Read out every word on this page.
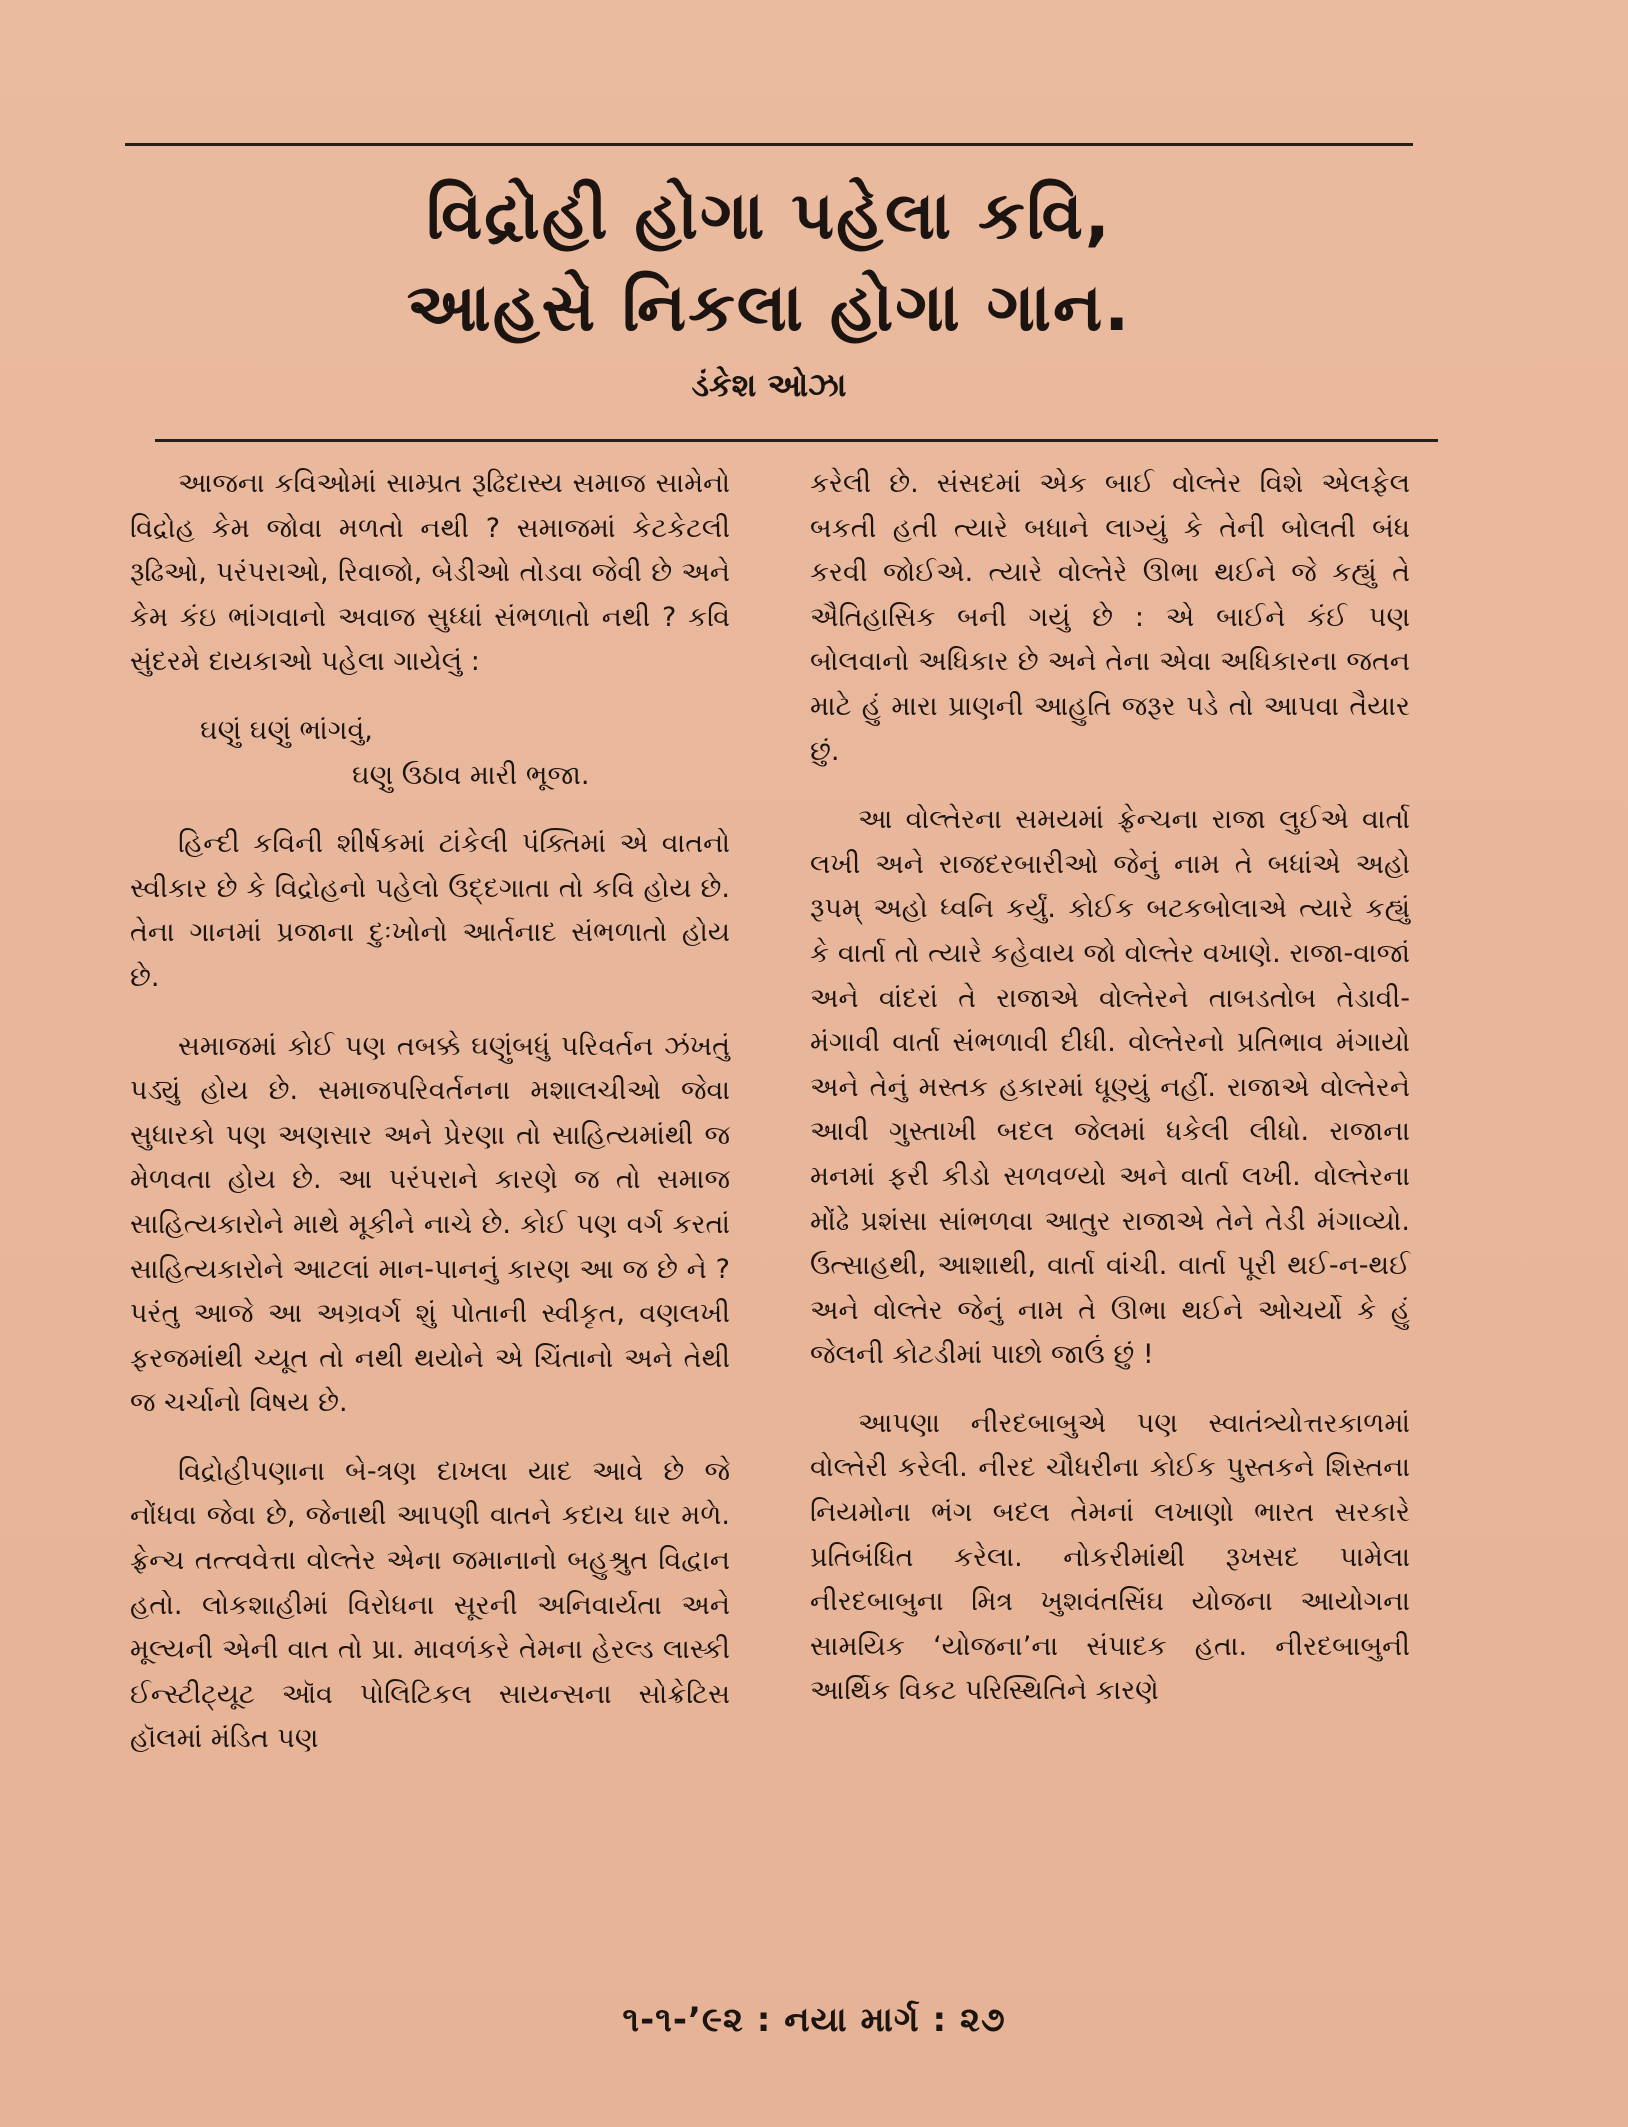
વિદ્રોહી હોગા પહેલા કવિ,
આહસે નિકલા હોગા ગાન.
ડંકેશ ઓઝા

આજના કવિઓમાં સામ્પ્રત રૂઢિદાસ્ય સમાજ સામેનો વિદ્રોહ કેમ જોવા મળતો નથી ? સમાજમાં કેટકેટલી રૂઢિઓ, પરંપરાઓ, રિવાજો, બેડીઓ તોડવા જેવી છે અને કેમ કંઇ ભાંગવાનો અવાજ સુધ્ધાં સંભળાતો નથી ? કવિ સુંદરમે દાયકાઓ પહેલા ગાયેલું :

ઘણું ઘણું ભાંગવું,
ઘણુ ઉઠાવ મારી ભૂજા.

હિન્દી કવિની શીર્ષકમાં ટાંકેલી પંક્તિમાં એ વાતનો સ્વીકાર છે કે વિદ્રોહનો પહેલો ઉદ્દગાતા તો કવિ હોય છે. તેના ગાનમાં પ્રજાના દુઃખોનો આર્તનાદ સંભળાતો હોય છે.

સમાજમાં કોઈ પણ તબક્કે ઘણુંબધું પરિવર્તન ઝંખતું પડ્યું હોય છે. સમાજપરિવર્તનના મશાલચીઓ જેવા સુધારકો પણ અણસાર અને પ્રેરણા તો સાહિત્યમાંથી જ મેળવતા હોય છે. આ પરંપરાને કારણે જ તો સમાજ સાહિત્યકારોને માથે મૂકીને નાચે છે. કોઈ પણ વર્ગ કરતાં સાહિત્યકારોને આટલાં માન-પાનનું કારણ આ જ છે ને ? પરંતુ આજે આ અગ્રવર્ગ શું પોતાની સ્વીકૃત, વણલખી ફરજમાંથી ચ્યૂત તો નથી થયોને એ ચિંતાનો અને તેથી જ ચર્ચાનો વિષય છે.

વિદ્રોહીપણાના બે-ત્રણ દાખલા યાદ આવે છે જે નોંધવા જેવા છે, જેનાથી આપણી વાતને કદાચ ધાર મળે. ફ્રેન્ચ તત્ત્વવેત્તા વોલ્તેર એના જમાનાનો બહુશ્રુત વિદ્વાન હતો. લોકશાહીમાં વિરોધના સૂરની અનિવાર્યતા અને મૂલ્યની એની વાત તો પ્રા. માવળંકરે તેમના હેરલ્ડ લાસ્કી ઈન્સ્ટીટ્યૂટ ઑવ પોલિટિકલ સાયન્સના સોક્રેટિસ હૉલમાં મંડિત પણ

કરેલી છે. સંસદમાં એક બાઈ વોલ્તેર વિશે એલફેલ બકતી હતી ત્યારે બધાને લાગ્યું કે તેની બોલતી બંધ કરવી જોઈએ. ત્યારે વોલ્તેરે ઊભા થઈને જે કહ્યું તે ઐતિહાસિક બની ગયું છે : એ બાઈને કંઈ પણ બોલવાનો અધિકાર છે અને તેના એવા અધિકારના જતન માટે હું મારા પ્રાણની આહુતિ જરૂર પડે તો આપવા તૈયાર છું.

આ વોલ્તેરના સમયમાં ફ્રેન્ચના રાજા લુઈએ વાર્તા લખી અને રાજદરબારીઓ જેનું નામ તે બધાંએ અહો રૂપમ્ અહો ધ્વનિ કર્યું. કોઈક બટકબોલાએ ત્યારે કહ્યું કે વાર્તા તો ત્યારે કહેવાય જો વોલ્તેર વખાણે. રાજા-વાજાં અને વાંદરાં તે રાજાએ વોલ્તેરને તાબડતોબ તેડાવી-મંગાવી વાર્તા સંભળાવી દીધી. વોલ્તેરનો પ્રતિભાવ મંગાયો અને તેનું મસ્તક હકારમાં ધૂણ્યું નહીં. રાજાએ વોલ્તેરને આવી ગુસ્તાખી બદલ જેલમાં ધકેલી લીધો. રાજાના મનમાં ફરી કીડો સળવળ્યો અને વાર્તા લખી. વોલ્તેરના મોંઢે પ્રશંસા સાંભળવા આતુર રાજાએ તેને તેડી મંગાવ્યો. ઉત્સાહથી, આશાથી, વાર્તા વાંચી. વાર્તા પૂરી થઈ-ન-થઈ અને વોલ્તેર જેનું નામ તે ઊભા થઈને ઓચર્યો કે હું જેલની કોટડીમાં પાછો જાઉં છું !

આપણા નીરદબાબુએ પણ સ્વાતંત્ર્યોત્તરકાળમાં વોલ્તેરી કરેલી. નીરદ ચૌધરીના કોઈક પુસ્તકને શિસ્તના નિયમોના ભંગ બદલ તેમનાં લખાણો ભારત સરકારે પ્રતિબંધિત કરેલા. નોકરીમાંથી રૂખસદ પામેલા નીરદબાબુના મિત્ર ખુશવંતસિંઘ યોજના આયોગના સામયિક ‘યોજના’ના સંપાદક હતા. નીરદબાબુની આર્થિક વિકટ પરિસ્થિતિને કારણે

૧-૧-’૯૨ : નયા માર્ગ : ૨૭
